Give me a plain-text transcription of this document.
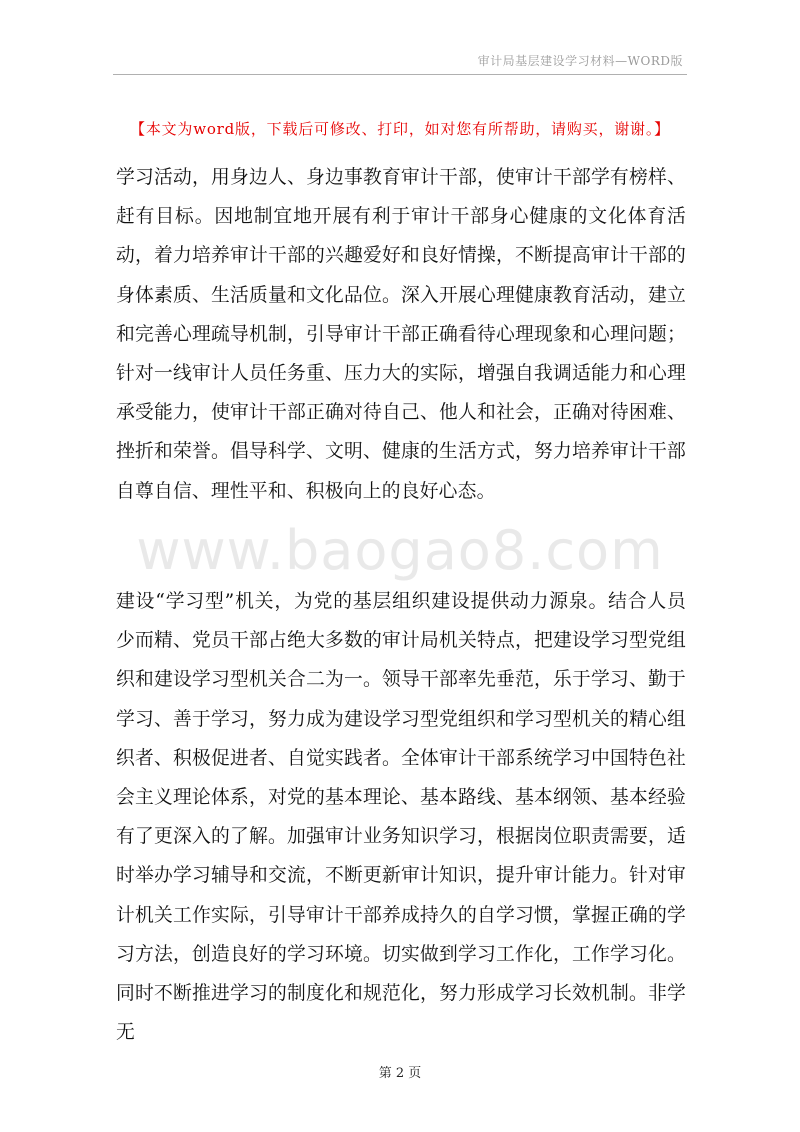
审计局基层建设学习材料—WORD版
【本文为word版，下载后可修改、打印，如对您有所帮助，请购买，谢谢。】

学习活动，用身边人、身边事教育审计干部，使审计干部学有榜样、赶有目标。因地制宜地开展有利于审计干部身心健康的文化体育活动，着力培养审计干部的兴趣爱好和良好情操，不断提高审计干部的身体素质、生活质量和文化品位。深入开展心理健康教育活动，建立和完善心理疏导机制，引导审计干部正确看待心理现象和心理问题；针对一线审计人员任务重、压力大的实际，增强自我调适能力和心理承受能力，使审计干部正确对待自己、他人和社会，正确对待困难、挫折和荣誉。倡导科学、文明、健康的生活方式，努力培养审计干部自尊自信、理性平和、积极向上的良好心态。

www.baogao8.com

建设“学习型”机关，为党的基层组织建设提供动力源泉。结合人员少而精、党员干部占绝大多数的审计局机关特点，把建设学习型党组织和建设学习型机关合二为一。领导干部率先垂范，乐于学习、勤于学习、善于学习，努力成为建设学习型党组织和学习型机关的精心组织者、积极促进者、自觉实践者。全体审计干部系统学习中国特色社会主义理论体系，对党的基本理论、基本路线、基本纲领、基本经验有了更深入的了解。加强审计业务知识学习，根据岗位职责需要，适时举办学习辅导和交流，不断更新审计知识，提升审计能力。针对审计机关工作实际，引导审计干部养成持久的自学习惯，掌握正确的学习方法，创造良好的学习环境。切实做到学习工作化，工作学习化。同时不断推进学习的制度化和规范化，努力形成学习长效机制。非学无

第 2 页
